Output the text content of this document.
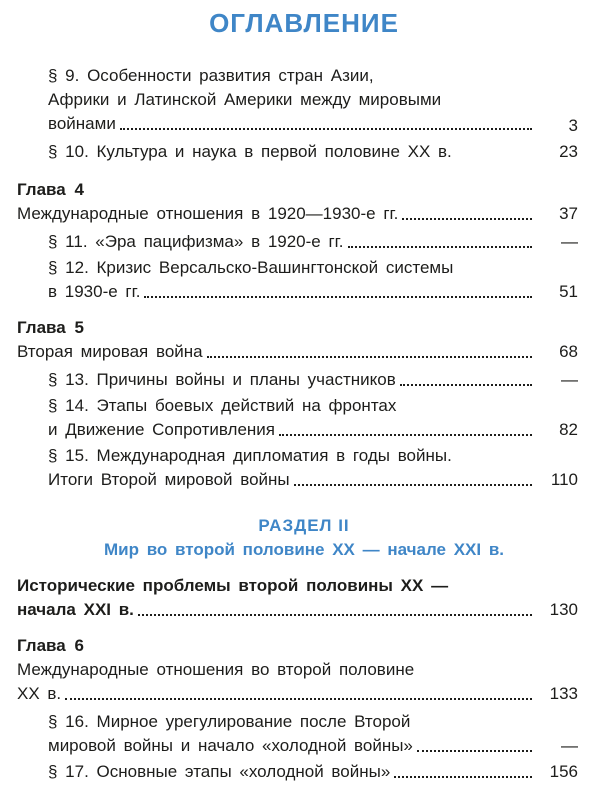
ОГЛАВЛЕНИЕ
§ 9. Особенности развития стран Азии,
Африки и Латинской Америки между мировыми
войнами	3
§ 10. Культура и наука в первой половине XX в.	23
Глава 4
Международные отношения в 1920—1930-е гг.	37
§ 11. «Эра пацифизма» в 1920-е гг.	—
§ 12. Кризис Версальско-Вашингтонской системы
в 1930-е гг.	51
Глава 5
Вторая мировая война	68
§ 13. Причины войны и планы участников	—
§ 14. Этапы боевых действий на фронтах
и Движение Сопротивления	82
§ 15. Международная дипломатия в годы войны.
Итоги Второй мировой войны	110
РАЗДЕЛ II
Мир во второй половине XX — начале XXI в.
Исторические проблемы второй половины XX —
начала XXI в.	130
Глава 6
Международные отношения во второй половине
XX в.	133
§ 16. Мирное урегулирование после Второй
мировой войны и начало «холодной войны»	—
§ 17. Основные этапы «холодной войны»	156
